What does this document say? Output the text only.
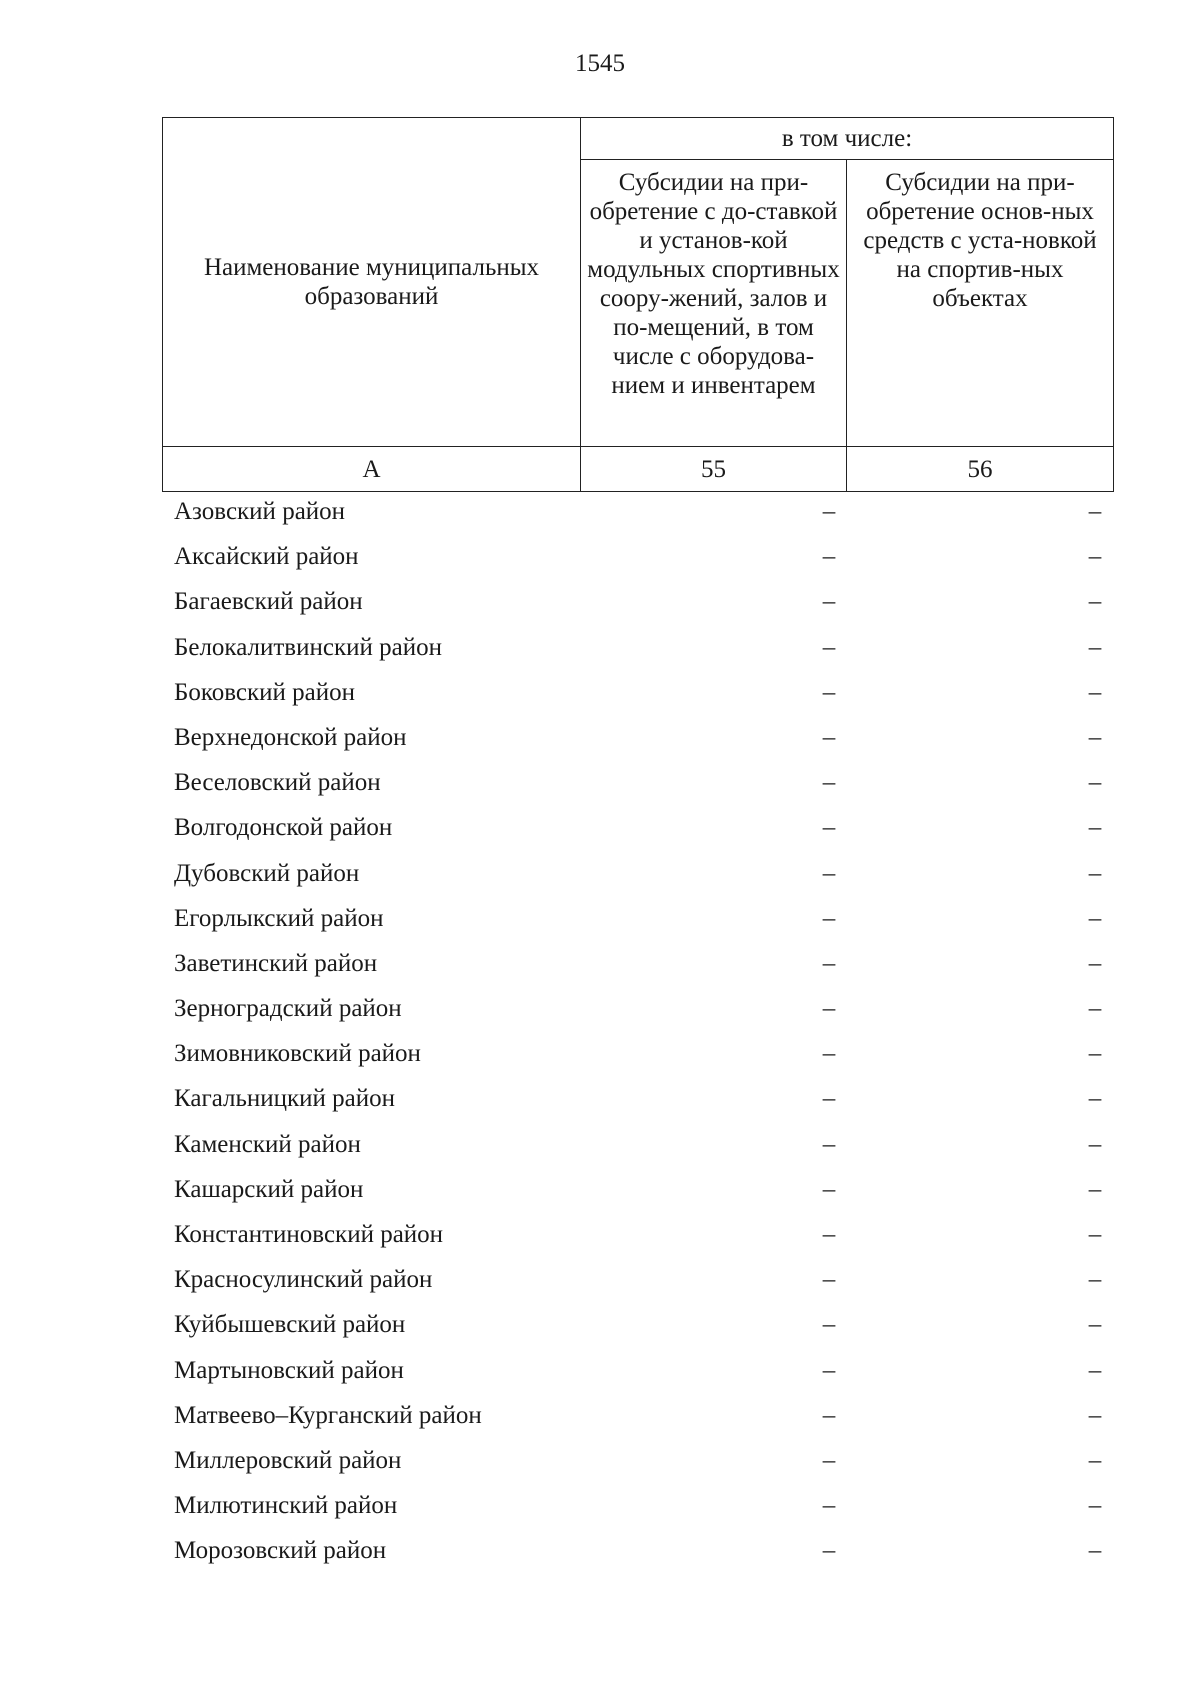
1545
Наименование муниципальных образований	в том числе:	
	Субсидии на при-обретение с до-ставкой и установ-кой модульных спортивных соору-жений, залов и по-мещений, в том числе с оборудова-нием и инвентарем	Субсидии на при-обретение основ-ных средств с уста-новкой на спортив-ных объектах
А	55	56
Азовский район	–	–
Аксайский район	–	–
Багаевский район	–	–
Белокалитвинский район	–	–
Боковский район	–	–
Верхнедонской район	–	–
Веселовский район	–	–
Волгодонской район	–	–
Дубовский район	–	–
Егорлыкский район	–	–
Заветинский район	–	–
Зерноградский район	–	–
Зимовниковский район	–	–
Кагальницкий район	–	–
Каменский район	–	–
Кашарский район	–	–
Константиновский район	–	–
Красносулинский район	–	–
Куйбышевский район	–	–
Мартыновский район	–	–
Матвеево–Курганский район	–	–
Миллеровский район	–	–
Милютинский район	–	–
Морозовский район	–	–
